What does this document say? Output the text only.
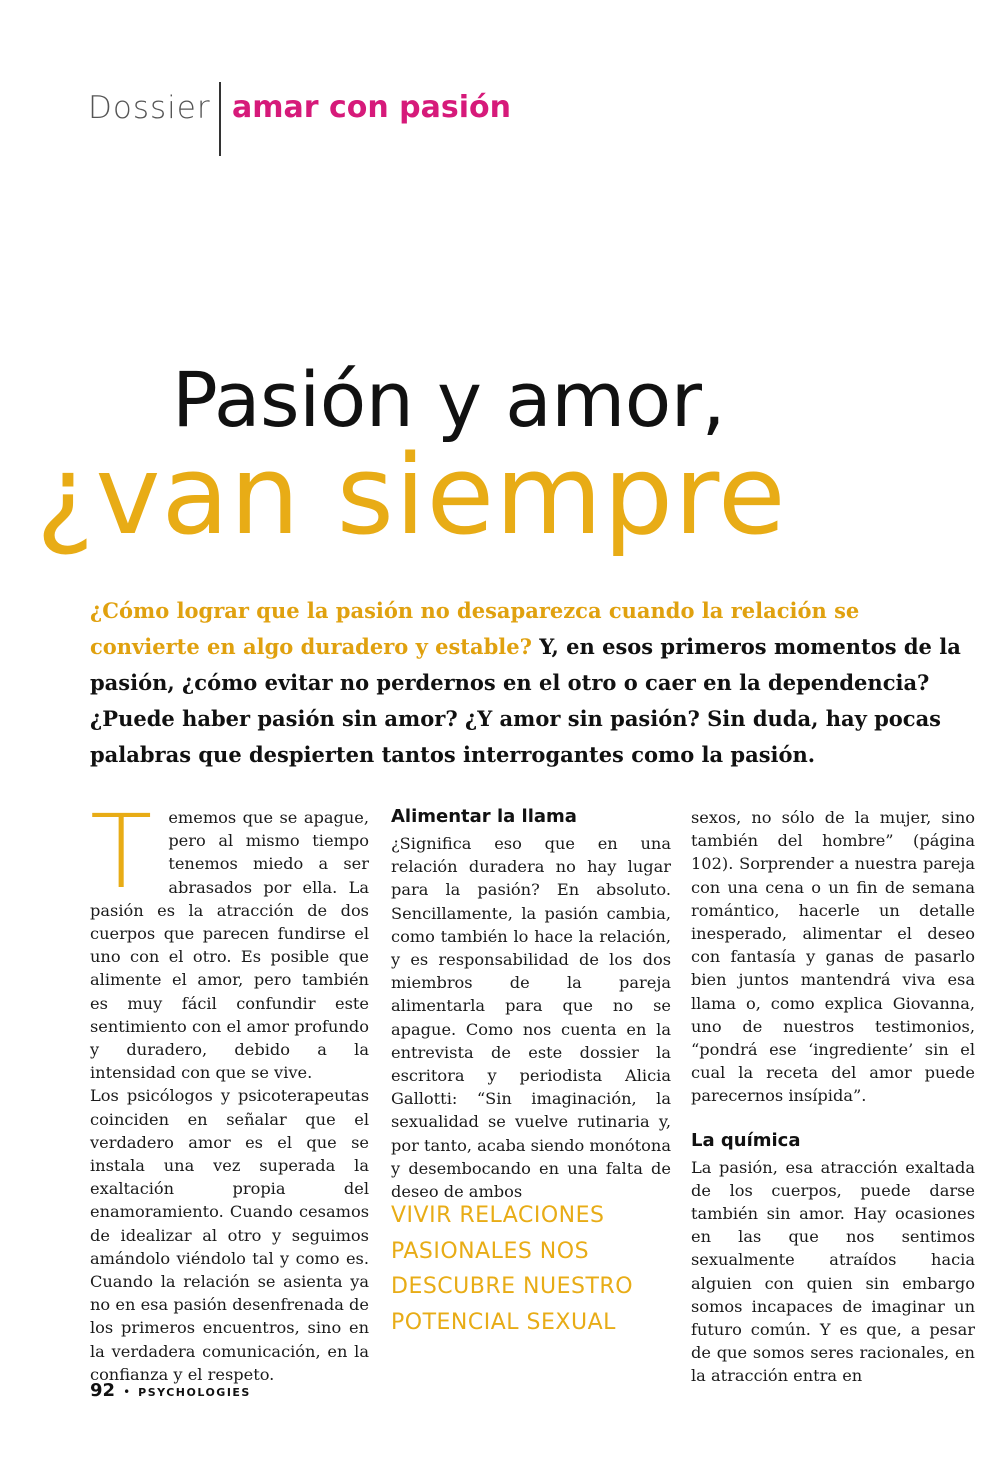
Dossier amar con pasión
Pasión y amor,
¿van siempre

¿Cómo lograr que la pasión no desaparezca cuando la relación se convierte en algo duradero y estable? Y, en esos primeros momentos de la pasión, ¿cómo evitar no perdernos en el otro o caer en la dependencia? ¿Puede haber pasión sin amor? ¿Y amor sin pasión? Sin duda, hay pocas palabras que despierten tantos interrogantes como la pasión.

Tememos que se apague, pero al mismo tiempo tenemos miedo a ser abrasados por ella. La pasión es la atracción de dos cuerpos que parecen fundirse el uno con el otro. Es posible que alimente el amor, pero también es muy fácil confundir este sentimiento con el amor profundo y duradero, debido a la intensidad con que se vive.

Los psicólogos y psicoterapeutas coinciden en señalar que el verdadero amor es el que se instala una vez superada la exaltación propia del enamoramiento. Cuando cesamos de idealizar al otro y seguimos amándolo viéndolo tal y como es. Cuando la relación se asienta ya no en esa pasión desenfrenada de los primeros encuentros, sino en la verdadera comunicación, en la confianza y el respeto.

Alimentar la llama

¿Significa eso que en una relación duradera no hay lugar para la pasión? En absoluto. Sencillamente, la pasión cambia, como también lo hace la relación, y es responsabilidad de los dos miembros de la pareja alimentarla para que no se apague. Como nos cuenta en la entrevista de este dossier la escritora y periodista Alicia Gallotti: “Sin imaginación, la sexualidad se vuelve rutinaria y, por tanto, acaba siendo monótona y desembocando en una falta de deseo de ambos

VIVIR RELACIONES
PASIONALES NOS
DESCUBRE NUESTRO
POTENCIAL SEXUAL

sexos, no sólo de la mujer, sino también del hombre” (página 102). Sorprender a nuestra pareja con una cena o un fin de semana romántico, hacerle un detalle inesperado, alimentar el deseo con fantasía y ganas de pasarlo bien juntos mantendrá viva esa llama o, como explica Giovanna, uno de nuestros testimonios, “pondrá ese ‘ingrediente’ sin el cual la receta del amor puede parecernos insípida”.

La química

La pasión, esa atracción exaltada de los cuerpos, puede darse también sin amor. Hay ocasiones en las que nos sentimos sexualmente atraídos hacia alguien con quien sin embargo somos incapaces de imaginar un futuro común. Y es que, a pesar de que somos seres racionales, en la atracción entra en

92 • PSYCHOLOGIES
